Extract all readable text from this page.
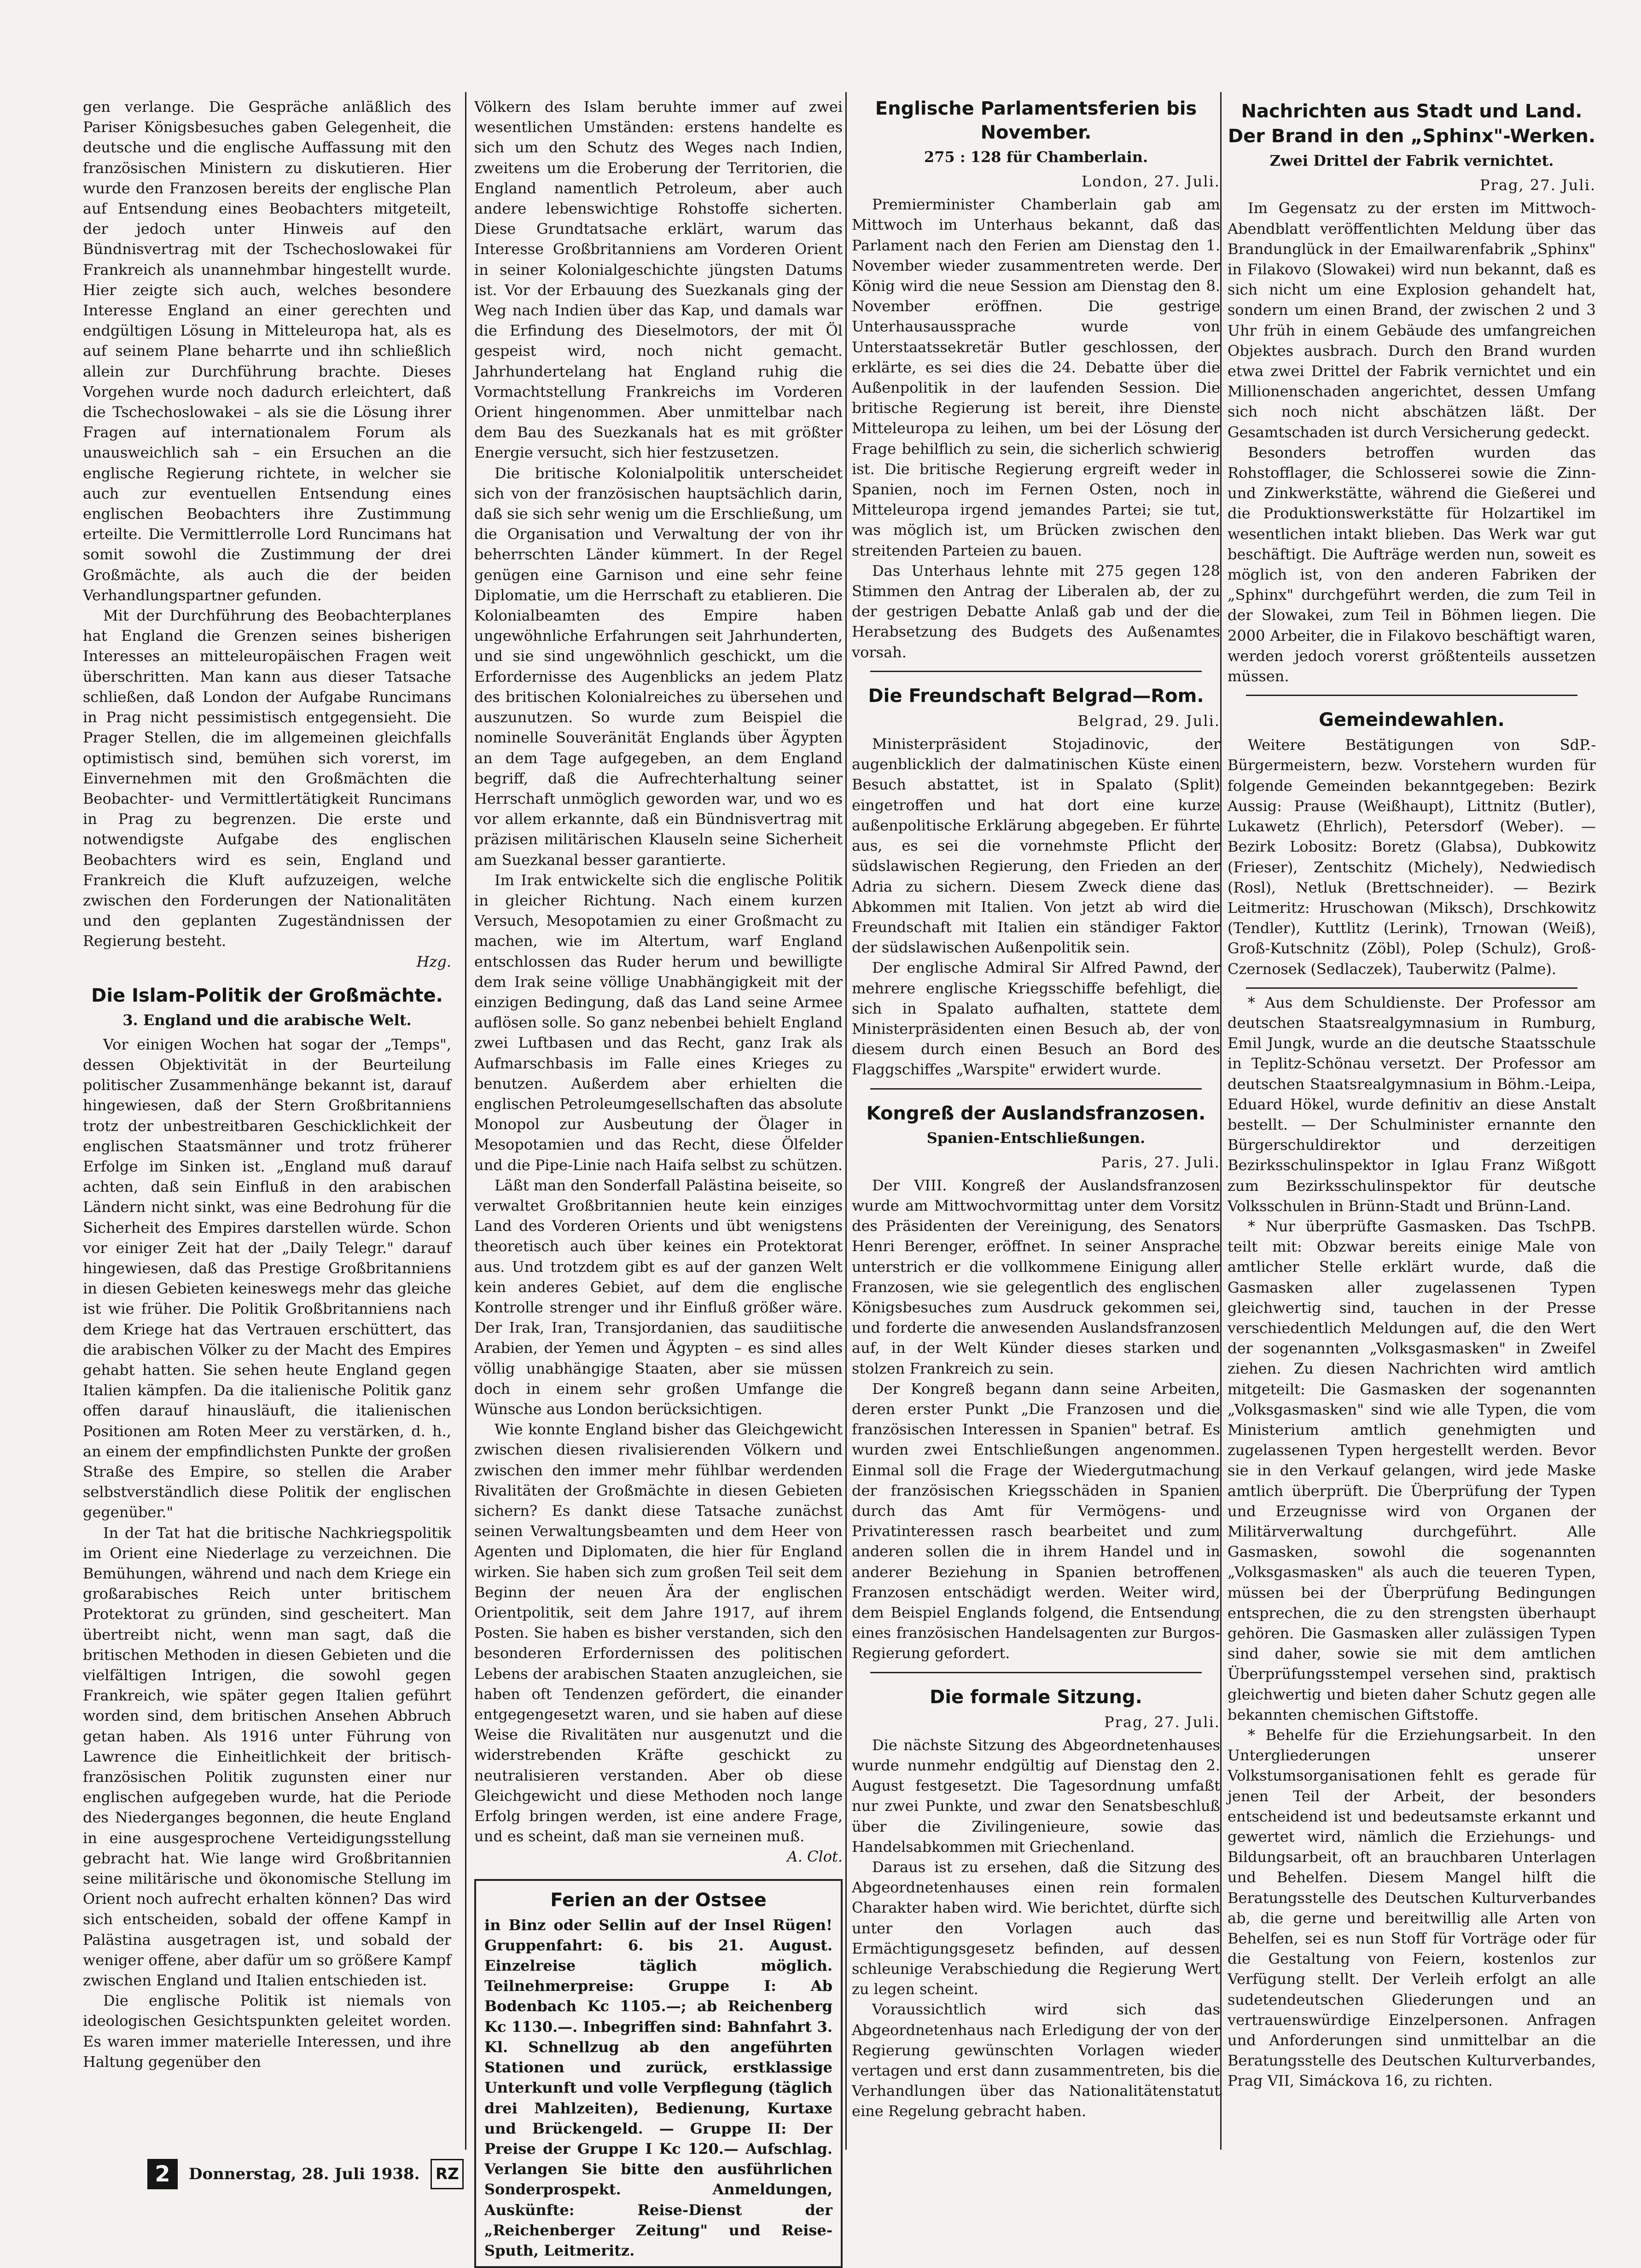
gen verlange. Die Gespräche anläßlich des Pariser Königsbesuches gaben Gelegenheit, die deutsche und die englische Auffassung mit den französischen Ministern zu diskutieren. Hier wurde den Franzosen bereits der englische Plan auf Entsendung eines Beobachters mitgeteilt, der jedoch unter Hinweis auf den Bündnisvertrag mit der Tschechoslowakei für Frankreich als unannehmbar hingestellt wurde. Hier zeigte sich auch, welches besondere Interesse England an einer gerechten und endgültigen Lösung in Mitteleuropa hat, als es auf seinem Plane beharrte und ihn schließlich allein zur Durchführung brachte. Dieses Vorgehen wurde noch dadurch erleichtert, daß die Tschechoslowakei – als sie die Lösung ihrer Fragen auf internationalem Forum als unausweichlich sah – ein Ersuchen an die englische Regierung richtete, in welcher sie auch zur eventuellen Entsendung eines englischen Beobachters ihre Zustimmung erteilte. Die Vermittlerrolle Lord Runcimans hat somit sowohl die Zustimmung der drei Großmächte, als auch die der beiden Verhandlungspartner gefunden.

Mit der Durchführung des Beobachterplanes hat England die Grenzen seines bisherigen Interesses an mitteleuropäischen Fragen weit überschritten. Man kann aus dieser Tatsache schließen, daß London der Aufgabe Runcimans in Prag nicht pessimistisch entgegensieht. Die Prager Stellen, die im allgemeinen gleichfalls optimistisch sind, bemühen sich vorerst, im Einvernehmen mit den Großmächten die Beobachter- und Vermittlertätigkeit Runcimans in Prag zu begrenzen. Die erste und notwendigste Aufgabe des englischen Beobachters wird es sein, England und Frankreich die Kluft aufzuzeigen, welche zwischen den Forderungen der Nationalitäten und den geplanten Zugeständnissen der Regierung besteht.

Hzg.
Die Islam-Politik der Großmächte.
3. England und die arabische Welt.

Vor einigen Wochen hat sogar der „Temps", dessen Objektivität in der Beurteilung politischer Zusammenhänge bekannt ist, darauf hingewiesen, daß der Stern Großbritanniens trotz der unbestreitbaren Geschicklichkeit der englischen Staatsmänner und trotz früherer Erfolge im Sinken ist. „England muß darauf achten, daß sein Einfluß in den arabischen Ländern nicht sinkt, was eine Bedrohung für die Sicherheit des Empires darstellen würde. Schon vor einiger Zeit hat der „Daily Telegr." darauf hingewiesen, daß das Prestige Großbritanniens in diesen Gebieten keineswegs mehr das gleiche ist wie früher. Die Politik Großbritanniens nach dem Kriege hat das Vertrauen erschüttert, das die arabischen Völker zu der Macht des Empires gehabt hatten. Sie sehen heute England gegen Italien kämpfen. Da die italienische Politik ganz offen darauf hinausläuft, die italienischen Positionen am Roten Meer zu verstärken, d. h., an einem der empfindlichsten Punkte der großen Straße des Empire, so stellen die Araber selbstverständlich diese Politik der englischen gegenüber."

In der Tat hat die britische Nachkriegspolitik im Orient eine Niederlage zu verzeichnen. Die Bemühungen, während und nach dem Kriege ein großarabisches Reich unter britischem Protektorat zu gründen, sind gescheitert. Man übertreibt nicht, wenn man sagt, daß die britischen Methoden in diesen Gebieten und die vielfältigen Intrigen, die sowohl gegen Frankreich, wie später gegen Italien geführt worden sind, dem britischen Ansehen Abbruch getan haben. Als 1916 unter Führung von Lawrence die Einheitlichkeit der britisch-französischen Politik zugunsten einer nur englischen aufgegeben wurde, hat die Periode des Niederganges begonnen, die heute England in eine ausgesprochene Verteidigungsstellung gebracht hat. Wie lange wird Großbritannien seine militärische und ökonomische Stellung im Orient noch aufrecht erhalten können? Das wird sich entscheiden, sobald der offene Kampf in Palästina ausgetragen ist, und sobald der weniger offene, aber dafür um so größere Kampf zwischen England und Italien entschieden ist.

Die englische Politik ist niemals von ideologischen Gesichtspunkten geleitet worden. Es waren immer materielle Interessen, und ihre Haltung gegenüber den

Völkern des Islam beruhte immer auf zwei wesentlichen Umständen: erstens handelte es sich um den Schutz des Weges nach Indien, zweitens um die Eroberung der Territorien, die England namentlich Petroleum, aber auch andere lebenswichtige Rohstoffe sicherten. Diese Grundtatsache erklärt, warum das Interesse Großbritanniens am Vorderen Orient in seiner Kolonialgeschichte jüngsten Datums ist. Vor der Erbauung des Suezkanals ging der Weg nach Indien über das Kap, und damals war die Erfindung des Dieselmotors, der mit Öl gespeist wird, noch nicht gemacht. Jahrhundertelang hat England ruhig die Vormachtstellung Frankreichs im Vorderen Orient hingenommen. Aber unmittelbar nach dem Bau des Suezkanals hat es mit größter Energie versucht, sich hier festzusetzen.

Die britische Kolonialpolitik unterscheidet sich von der französischen hauptsächlich darin, daß sie sich sehr wenig um die Erschließung, um die Organisation und Verwaltung der von ihr beherrschten Länder kümmert. In der Regel genügen eine Garnison und eine sehr feine Diplomatie, um die Herrschaft zu etablieren. Die Kolonialbeamten des Empire haben ungewöhnliche Erfahrungen seit Jahrhunderten, und sie sind ungewöhnlich geschickt, um die Erfordernisse des Augenblicks an jedem Platz des britischen Kolonialreiches zu übersehen und auszunutzen. So wurde zum Beispiel die nominelle Souveränität Englands über Ägypten an dem Tage aufgegeben, an dem England begriff, daß die Aufrechterhaltung seiner Herrschaft unmöglich geworden war, und wo es vor allem erkannte, daß ein Bündnisvertrag mit präzisen militärischen Klauseln seine Sicherheit am Suezkanal besser garantierte.

Im Irak entwickelte sich die englische Politik in gleicher Richtung. Nach einem kurzen Versuch, Mesopotamien zu einer Großmacht zu machen, wie im Altertum, warf England entschlossen das Ruder herum und bewilligte dem Irak seine völlige Unabhängigkeit mit der einzigen Bedingung, daß das Land seine Armee auflösen solle. So ganz nebenbei behielt England zwei Luftbasen und das Recht, ganz Irak als Aufmarschbasis im Falle eines Krieges zu benutzen. Außerdem aber erhielten die englischen Petroleumgesellschaften das absolute Monopol zur Ausbeutung der Ölager in Mesopotamien und das Recht, diese Ölfelder und die Pipe-Linie nach Haifa selbst zu schützen.

Läßt man den Sonderfall Palästina beiseite, so verwaltet Großbritannien heute kein einziges Land des Vorderen Orients und übt wenigstens theoretisch auch über keines ein Protektorat aus. Und trotzdem gibt es auf der ganzen Welt kein anderes Gebiet, auf dem die englische Kontrolle strenger und ihr Einfluß größer wäre. Der Irak, Iran, Transjordanien, das saudiitische Arabien, der Yemen und Ägypten – es sind alles völlig unabhängige Staaten, aber sie müssen doch in einem sehr großen Umfange die Wünsche aus London berücksichtigen.

Wie konnte England bisher das Gleichgewicht zwischen diesen rivalisierenden Völkern und zwischen den immer mehr fühlbar werdenden Rivalitäten der Großmächte in diesen Gebieten sichern? Es dankt diese Tatsache zunächst seinen Verwaltungsbeamten und dem Heer von Agenten und Diplomaten, die hier für England wirken. Sie haben sich zum großen Teil seit dem Beginn der neuen Ära der englischen Orientpolitik, seit dem Jahre 1917, auf ihrem Posten. Sie haben es bisher verstanden, sich den besonderen Erfordernissen des politischen Lebens der arabischen Staaten anzugleichen, sie haben oft Tendenzen gefördert, die einander entgegengesetzt waren, und sie haben auf diese Weise die Rivalitäten nur ausgenutzt und die widerstrebenden Kräfte geschickt zu neutralisieren verstanden. Aber ob diese Gleichgewicht und diese Methoden noch lange Erfolg bringen werden, ist eine andere Frage, und es scheint, daß man sie verneinen muß.

A. Clot.
Ferien an der Ostsee

in Binz oder Sellin auf der Insel Rügen! Gruppenfahrt: 6. bis 21. August. Einzelreise täglich möglich. Teilnehmerpreise: Gruppe I: Ab Bodenbach Kc 1105.—; ab Reichenberg Kc 1130.—. Inbegriffen sind: Bahnfahrt 3. Kl. Schnellzug ab den angeführten Stationen und zurück, erstklassige Unterkunft und volle Verpflegung (täglich drei Mahlzeiten), Bedienung, Kurtaxe und Brückengeld. — Gruppe II: Der Preise der Gruppe I Kc 120.— Aufschlag. Verlangen Sie bitte den ausführlichen Sonderprospekt. Anmeldungen, Auskünfte: Reise-Dienst der „Reichenberger Zeitung" und Reise-Sputh, Leitmeritz.

Englische Parlamentsferien bis November.
275 : 128 für Chamberlain.
London, 27. Juli.

Premierminister Chamberlain gab am Mittwoch im Unterhaus bekannt, daß das Parlament nach den Ferien am Dienstag den 1. November wieder zusammentreten werde. Der König wird die neue Session am Dienstag den 8. November eröffnen. Die gestrige Unterhausaussprache wurde von Unterstaatssekretär Butler geschlossen, der erklärte, es sei dies die 24. Debatte über die Außenpolitik in der laufenden Session. Die britische Regierung ist bereit, ihre Dienste Mitteleuropa zu leihen, um bei der Lösung der Frage behilflich zu sein, die sicherlich schwierig ist. Die britische Regierung ergreift weder in Spanien, noch im Fernen Osten, noch in Mitteleuropa irgend jemandes Partei; sie tut, was möglich ist, um Brücken zwischen den streitenden Parteien zu bauen.

Das Unterhaus lehnte mit 275 gegen 128 Stimmen den Antrag der Liberalen ab, der zu der gestrigen Debatte Anlaß gab und der die Herabsetzung des Budgets des Außenamtes vorsah.

Die Freundschaft Belgrad—Rom.
Belgrad, 29. Juli.

Ministerpräsident Stojadinovic, der augenblicklich der dalmatinischen Küste einen Besuch abstattet, ist in Spalato (Split) eingetroffen und hat dort eine kurze außenpolitische Erklärung abgegeben. Er führte aus, es sei die vornehmste Pflicht der südslawischen Regierung, den Frieden an der Adria zu sichern. Diesem Zweck diene das Abkommen mit Italien. Von jetzt ab wird die Freundschaft mit Italien ein ständiger Faktor der südslawischen Außenpolitik sein.

Der englische Admiral Sir Alfred Pawnd, der mehrere englische Kriegsschiffe befehligt, die sich in Spalato aufhalten, stattete dem Ministerpräsidenten einen Besuch ab, der von diesem durch einen Besuch an Bord des Flaggschiffes „Warspite" erwidert wurde.

Kongreß der Auslandsfranzosen.
Spanien-Entschließungen.
Paris, 27. Juli.

Der VIII. Kongreß der Auslandsfranzosen wurde am Mittwochvormittag unter dem Vorsitz des Präsidenten der Vereinigung, des Senators Henri Berenger, eröffnet. In seiner Ansprache unterstrich er die vollkommene Einigung aller Franzosen, wie sie gelegentlich des englischen Königsbesuches zum Ausdruck gekommen sei, und forderte die anwesenden Auslandsfranzosen auf, in der Welt Künder dieses starken und stolzen Frankreich zu sein.

Der Kongreß begann dann seine Arbeiten, deren erster Punkt „Die Franzosen und die französischen Interessen in Spanien" betraf. Es wurden zwei Entschließungen angenommen. Einmal soll die Frage der Wiedergutmachung der französischen Kriegsschäden in Spanien durch das Amt für Vermögens- und Privatinteressen rasch bearbeitet und zum anderen sollen die in ihrem Handel und in anderer Beziehung in Spanien betroffenen Franzosen entschädigt werden. Weiter wird, dem Beispiel Englands folgend, die Entsendung eines französischen Handelsagenten zur Burgos-Regierung gefordert.

Die formale Sitzung.
Prag, 27. Juli.

Die nächste Sitzung des Abgeordnetenhauses wurde nunmehr endgültig auf Dienstag den 2. August festgesetzt. Die Tagesordnung umfaßt nur zwei Punkte, und zwar den Senatsbeschluß über die Zivilingenieure, sowie das Handelsabkommen mit Griechenland.

Daraus ist zu ersehen, daß die Sitzung des Abgeordnetenhauses einen rein formalen Charakter haben wird. Wie berichtet, dürfte sich unter den Vorlagen auch das Ermächtigungsgesetz befinden, auf dessen schleunige Verabschiedung die Regierung Wert zu legen scheint.

Voraussichtlich wird sich das Abgeordnetenhaus nach Erledigung der von der Regierung gewünschten Vorlagen wieder vertagen und erst dann zusammentreten, bis die Verhandlungen über das Nationalitätenstatut eine Regelung gebracht haben.

Nachrichten aus Stadt und Land.
Der Brand in den „Sphinx"-Werken.
Zwei Drittel der Fabrik vernichtet.
Prag, 27. Juli.

Im Gegensatz zu der ersten im Mittwoch-Abendblatt veröffentlichten Meldung über das Brandunglück in der Emailwarenfabrik „Sphinx" in Filakovo (Slowakei) wird nun bekannt, daß es sich nicht um eine Explosion gehandelt hat, sondern um einen Brand, der zwischen 2 und 3 Uhr früh in einem Gebäude des umfangreichen Objektes ausbrach. Durch den Brand wurden etwa zwei Drittel der Fabrik vernichtet und ein Millionenschaden angerichtet, dessen Umfang sich noch nicht abschätzen läßt. Der Gesamtschaden ist durch Versicherung gedeckt.

Besonders betroffen wurden das Rohstofflager, die Schlosserei sowie die Zinn- und Zinkwerkstätte, während die Gießerei und die Produktionswerkstätte für Holzartikel im wesentlichen intakt blieben. Das Werk war gut beschäftigt. Die Aufträge werden nun, soweit es möglich ist, von den anderen Fabriken der „Sphinx" durchgeführt werden, die zum Teil in der Slowakei, zum Teil in Böhmen liegen. Die 2000 Arbeiter, die in Filakovo beschäftigt waren, werden jedoch vorerst größtenteils aussetzen müssen.

Gemeindewahlen.

Weitere Bestätigungen von SdP.-Bürgermeistern, bezw. Vorstehern wurden für folgende Gemeinden bekanntgegeben: Bezirk Aussig: Prause (Weißhaupt), Littnitz (Butler), Lukawetz (Ehrlich), Petersdorf (Weber). — Bezirk Lobositz: Boretz (Glabsa), Dubkowitz (Frieser), Zentschitz (Michely), Nedwiedisch (Rosl), Netluk (Brettschneider). — Bezirk Leitmeritz: Hruschowan (Miksch), Drschkowitz (Tendler), Kuttlitz (Lerink), Trnowan (Weiß), Groß-Kutschnitz (Zöbl), Polep (Schulz), Groß-Czernosek (Sedlaczek), Tauberwitz (Palme).

* Aus dem Schuldienste. Der Professor am deutschen Staatsrealgymnasium in Rumburg, Emil Jungk, wurde an die deutsche Staatsschule in Teplitz-Schönau versetzt. Der Professor am deutschen Staatsrealgymnasium in Böhm.-Leipa, Eduard Hökel, wurde definitiv an diese Anstalt bestellt. — Der Schulminister ernannte den Bürgerschuldirektor und derzeitigen Bezirksschulinspektor in Iglau Franz Wißgott zum Bezirksschulinspektor für deutsche Volksschulen in Brünn-Stadt und Brünn-Land.

* Nur überprüfte Gasmasken. Das TschPB. teilt mit: Obzwar bereits einige Male von amtlicher Stelle erklärt wurde, daß die Gasmasken aller zugelassenen Typen gleichwertig sind, tauchen in der Presse verschiedentlich Meldungen auf, die den Wert der sogenannten „Volksgasmasken" in Zweifel ziehen. Zu diesen Nachrichten wird amtlich mitgeteilt: Die Gasmasken der sogenannten „Volksgasmasken" sind wie alle Typen, die vom Ministerium amtlich genehmigten und zugelassenen Typen hergestellt werden. Bevor sie in den Verkauf gelangen, wird jede Maske amtlich überprüft. Die Überprüfung der Typen und Erzeugnisse wird von Organen der Militärverwaltung durchgeführt. Alle Gasmasken, sowohl die sogenannten „Volksgasmasken" als auch die teueren Typen, müssen bei der Überprüfung Bedingungen entsprechen, die zu den strengsten überhaupt gehören. Die Gasmasken aller zulässigen Typen sind daher, sowie sie mit dem amtlichen Überprüfungsstempel versehen sind, praktisch gleichwertig und bieten daher Schutz gegen alle bekannten chemischen Giftstoffe.

* Behelfe für die Erziehungsarbeit. In den Untergliederungen unserer Volkstumsorganisationen fehlt es gerade für jenen Teil der Arbeit, der besonders entscheidend ist und bedeutsamste erkannt und gewertet wird, nämlich die Erziehungs- und Bildungsarbeit, oft an brauchbaren Unterlagen und Behelfen. Diesem Mangel hilft die Beratungsstelle des Deutschen Kulturverbandes ab, die gerne und bereitwillig alle Arten von Behelfen, sei es nun Stoff für Vorträge oder für die Gestaltung von Feiern, kostenlos zur Verfügung stellt. Der Verleih erfolgt an alle sudetendeutschen Gliederungen und an vertrauenswürdige Einzelpersonen. Anfragen und Anforderungen sind unmittelbar an die Beratungsstelle des Deutschen Kulturverbandes, Prag VII, Simáckova 16, zu richten.

2	Donnerstag, 28. Juli 1938.	RZ
